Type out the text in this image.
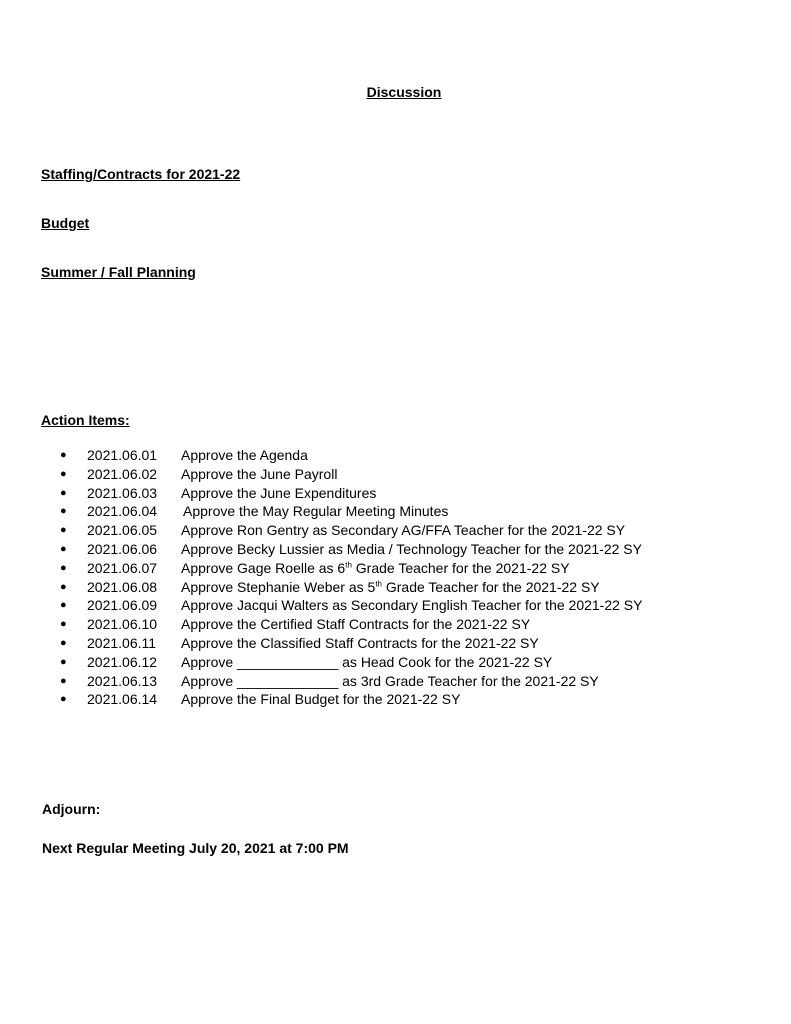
Discussion
Staffing/Contracts for 2021-22
Budget
Summer / Fall Planning
Action Items:
● 2021.06.01 Approve the Agenda
● 2021.06.02 Approve the June Payroll
● 2021.06.03 Approve the June Expenditures
● 2021.06.04 Approve the May Regular Meeting Minutes
● 2021.06.05 Approve Ron Gentry as Secondary AG/FFA Teacher for the 2021-22 SY
● 2021.06.06 Approve Becky Lussier as Media / Technology Teacher for the 2021-22 SY
● 2021.06.07 Approve Gage Roelle as 6th Grade Teacher for the 2021-22 SY
● 2021.06.08 Approve Stephanie Weber as 5th Grade Teacher for the 2021-22 SY
● 2021.06.09 Approve Jacqui Walters as Secondary English Teacher for the 2021-22 SY
● 2021.06.10 Approve the Certified Staff Contracts for the 2021-22 SY
● 2021.06.11 Approve the Classified Staff Contracts for the 2021-22 SY
● 2021.06.12 Approve _____________ as Head Cook for the 2021-22 SY
● 2021.06.13 Approve _____________ as 3rd Grade Teacher for the 2021-22 SY
● 2021.06.14 Approve the Final Budget for the 2021-22 SY
Adjourn:
Next Regular Meeting July 20, 2021 at 7:00 PM
